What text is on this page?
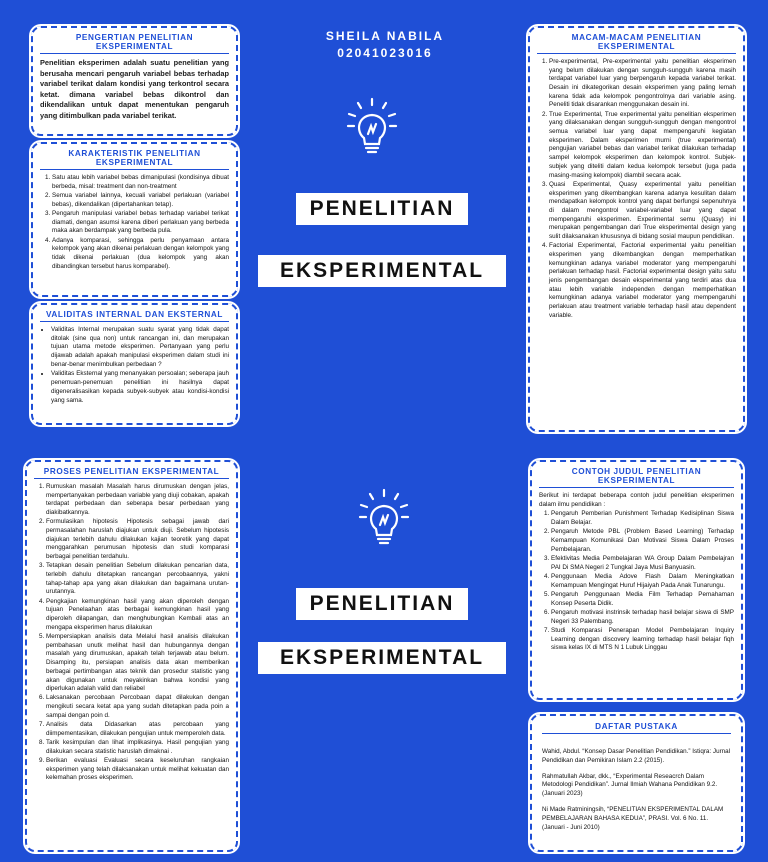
SHEILA NABILA
02041023016
PENELITIAN
EKSPERIMENTAL
PENELITIAN
EKSPERIMENTAL
PENGERTIAN PENELITIAN EKSPERIMENTAL
Penelitian eksperimen adalah suatu penelitian yang berusaha mencari pengaruh variabel bebas terhadap variabel terikat dalam kondisi yang terkontrol secara ketat. dimana variabel bebas dikontrol dan dikendalikan untuk dapat menentukan pengaruh yang ditimbulkan pada variabel terikat.
KARAKTERISTIK PENELITIAN EKSPERIMENTAL
1. Satu atau lebih variabel bebas dimanipulasi (kondisinya dibuat berbeda, misal: treatment dan non-treatment
2. Semua variabel lainnya, kecuali variabel perlakuan (variabel bebas), dikendalikan (dipertahankan tetap).
3. Pengaruh manipulasi variabel bebas terhadap variabel terikat diamati, dengan asumsi karena diberi perlakuan yang berbeda maka akan berdampak yang berbeda pula.
4. Adanya komparasi, sehingga perlu penyamaan antara kelompok yang akan dikenai perlakuan dengan kelompok yang tidak dikenai perlakuan (dua kelompok yang akan dibandingkan tersebut harus komparabel).
VALIDITAS INTERNAL DAN EKSTERNAL
• Validitas Internal merupakan suatu syarat yang tidak dapat ditolak (sine qua non) untuk rancangan ini, dan merupakan tujuan utama metode eksperimen. Pertanyaan yang perlu dijawab adalah apakah manipulasi eksperimen dalam studi ini benar-benar menimbulkan perbedaan ?
• Validitas Eksternal yang menanyakan persoalan; seberapa jauh penemuan-penemuan penelitian ini hasilnya dapat digeneralisasikan kepada subyek-subyek atau kondisi-kondisi yang sama.
MACAM-MACAM PENELITIAN EKSPERIMENTAL
1. Pre-experimental, Pre-experimental yaitu penelitian eksperimen yang belum dilakukan dengan sungguh-sungguh karena masih terdapat variabel luar yang berpengaruh kepada variabel terikat. Desain ini dikategorikan desain eksperimen yang paling lemah karena tidak ada kelompok pengontrolnya dari variable asing. Peneliti tidak disarankan menggunakan desain ini.
2. True Experimental, True experimental yaitu penelitian eksperimen yang dilaksanakan dengan sungguh-sungguh dengan mengontrol semua variabel luar yang dapat mempengaruhi kegiatan eksperimen. Dalam eksperimen murni (true experimental) pengujian variabel bebas dan variabel terikat dilakukan terhadap sampel kelompok eksperimen dan kelompok kontrol. Subjek-subjek yang diteliti dalam kedua kelompok tersebut (juga pada masing-masing kelompok) diambil secara acak.
3. Quasi Experimental, Quasy experimental yaitu penelitian eksperimen yang dikembangkan karena adanya kesulitan dalam mendapatkan kelompok kontrol yang dapat berfungsi sepenuhnya di dalam mengontrol variabel-variabel luar yang dapat mempengaruhi eksperimen. Experimental semu (Quasy) ini merupakan pengembangan dari True eksperimental design yang sulit dilaksanakan khususnya di bidang sosial maupun pendidikan.
4. Factorial Experimental, Factorial experimental yaitu penelitian eksperimen yang dikembangkan dengan memperhatikan kemungkinan adanya variabel moderator yang mempengaruhi perlakuan terhadap hasil. Factorial experimental design yaitu satu jenis pengembangan desain eksperimental yang terdiri atas dua atau lebih variable independen dengan memperhatikan kemungkinan adanya variabel moderator yang mempengaruhi perlakuan atau treatment variable terhadap hasil atau dependent variable.
PROSES PENELITIAN EKSPERIMENTAL
1. Rumuskan masalah Masalah harus dirumuskan dengan jelas, mempertanyakan perbedaan variable yang diuji cobakan, apakah terdapat perbedaan dan seberapa besar perbedaan yang diakibatkannya.
2. Formulasikan hipotesis Hipotesis sebagai jawab dari permasalahan haruslah diajukan untuk diuji. Sebelum hipotesis diajukan terlebih dahulu dilakukan kajian teoretik yang dapat menggarahkan perumusan hipotesis dan studi komparasi berbagai penelitian terdahulu.
3. Tetapkan desain penelitian Sebelum dilakukan pencarian data, terlebih dahulu ditetapkan rancangan percobaannya, yakni tahap-tahap apa yang akan dilakukan dan bagaimana urutan-urutannya.
4. Pengkajian kemungkinan hasil yang akan diperoleh dengan tujuan Penelaahan atas berbagai kemungkinan hasil yang diperoleh dilapangan, dan menghubungkan Kembali atas an mengapa eksperimen harus dilakukan
5. Mempersiapkan analisis data Melalui hasil analisis dilakukan pembahasan unutk melihat hasil dan hubungannya dengan masalah yang dirumuskan, apakah telah terjawab atau belum. Disamping itu, persiapan analisis data akan memberikan berbagai pertimbangan atas teknik dan prosedur statistic yang akan digunakan untuk meyakinkan bahwa kondisi yang diperlukan adalah valid dan reliabel
6. Laksanakan percobaan Percobaan dapat dilakukan dengan mengikuti secara ketat apa yang sudah ditetapkan pada poin a sampai dengan poin d.
7. Analisis data Didasarkan atas percobaan yang diimpementasikan, dilakukan pengujian untuk memperoleh data.
8. Tarik kesimpulan dan lihat implikasinya. Hasil pengujian yang dilakukan secara statistic haruslah dimaknai .
9. Berikan evaluasi Evaluasi secara keseluruhan rangkaian eksperimen yang telah dilaksanakan untuk melihat kekuatan dan kelemahan proses eksperimen.
CONTOH JUDUL PENELITIAN EKSPERIMENTAL
Berikut ini terdapat beberapa contoh judul penelitian eksperimen dalam ilmu pendidikan :
1. Pengaruh Pemberian Punishment Terhadap Kedisiplinan Siswa Dalam Belajar.
2. Pengaruh Metode PBL (Problem Based Learning) Terhadap Kemampuan Komunikasi Dan Motivasi Siswa Dalam Proses Pembelajaran.
3. Efektivitas Media Pembelajaran WA Group Dalam Pembelajran PAI Di SMA Negeri 2 Tungkal Jaya Musi Banyuasin.
4. Penggunaan Media Adove Flash Dalam Meningkatkan Kemampuan Mengingat Huruf Hijaiyah Pada Anak Tunarungu.
5. Pengaruh Penggunaan Media Film Terhadap Pemahaman Konsep Peserta Didik.
6. Pengaruh motivasi instrinsik terhadap hasil belajar siswa di SMP Negeri 33 Palembang.
7. Studi Komparasi Penerapan Model Pembelajaran Inquiry Learning dengan discovery learning terhadap hasil belajar fiqh siswa kelas IX di MTS N 1 Lubuk Linggau
DAFTAR PUSTAKA

Wahid, Abdul. “Konsep Dasar Penelitian Pendidikan.” Istiqra: Jurnal Pendidikan dan Pemikiran Islam 2.2 (2015).

Rahmatullah Akbar, dkk., “Experimental Reseacrch Dalam Metodologi Pendidikan”. Jurnal Ilmiah Wahana Pendidikan 9.2. (Januari 2023)

Ni Made Ratminingsih, “PENELITIAN EKSPERIMENTAL DALAM PEMBELAJARAN BAHASA KEDUA”, PRASI. Vol. 6 No. 11. (Januari - Juni 2010)
